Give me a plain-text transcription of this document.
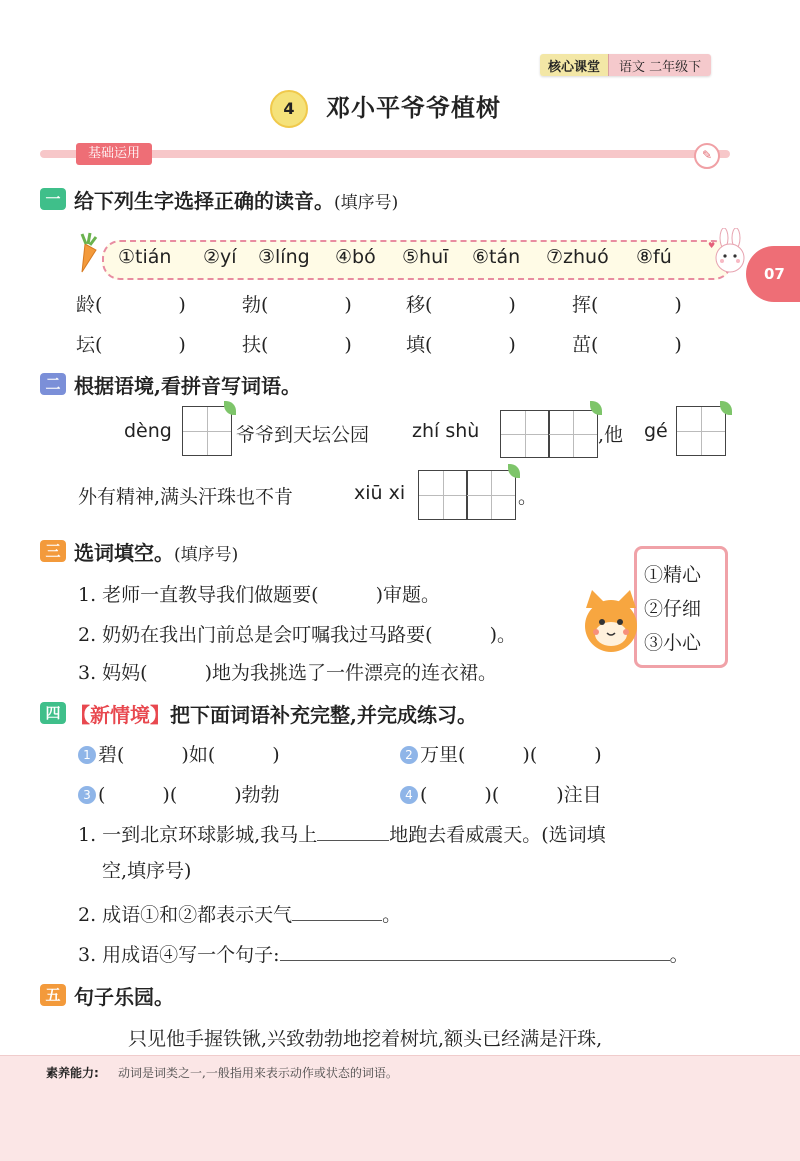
核心课堂	语文 二年级下
4	邓小平爷爷植树
基础运用	✎
07
一 给下列生字选择正确的读音。(填序号)
♥
①tián ②yí ③líng ④bó ⑤huī ⑥tán ⑦zhuó ⑧fú
龄(　　　　)	勃(　　　　)	移(　　　　)	挥(　　　　)
坛(　　　　)	扶(　　　　)	填(　　　　)	茁(　　　　)
二 根据语境,看拼音写词语。
dèng	爷爷到天坛公园 zhí shù	,他 gé
外有精神,满头汗珠也不肯	xiū xi	。
三 选词填空。(填序号)
1. 老师一直教导我们做题要(　　　)审题。
2. 奶奶在我出门前总是会叮嘱我过马路要(　　　)。
3. 妈妈(　　　)地为我挑选了一件漂亮的连衣裙。
①精心
②仔细
③小心
四 【新情境】把下面词语补充完整,并完成练习。
1 碧(　　　)如(　　　)	2 万里(　　　)(　　　)
3 (　　　)(　　　)勃勃	4 (　　　)(　　　)注目
1. 一到北京环球影城,我马上	地跑去看威震天。(选词填
空,填序号)
2. 成语①和②都表示天气	。
3. 用成语④写一个句子:	。
五 句子乐园。
只见他手握铁锹,兴致勃勃地挖着树坑,额头已经满是汗珠,
素养能力: 动词是词类之一,一般指用来表示动作或状态的词语。
